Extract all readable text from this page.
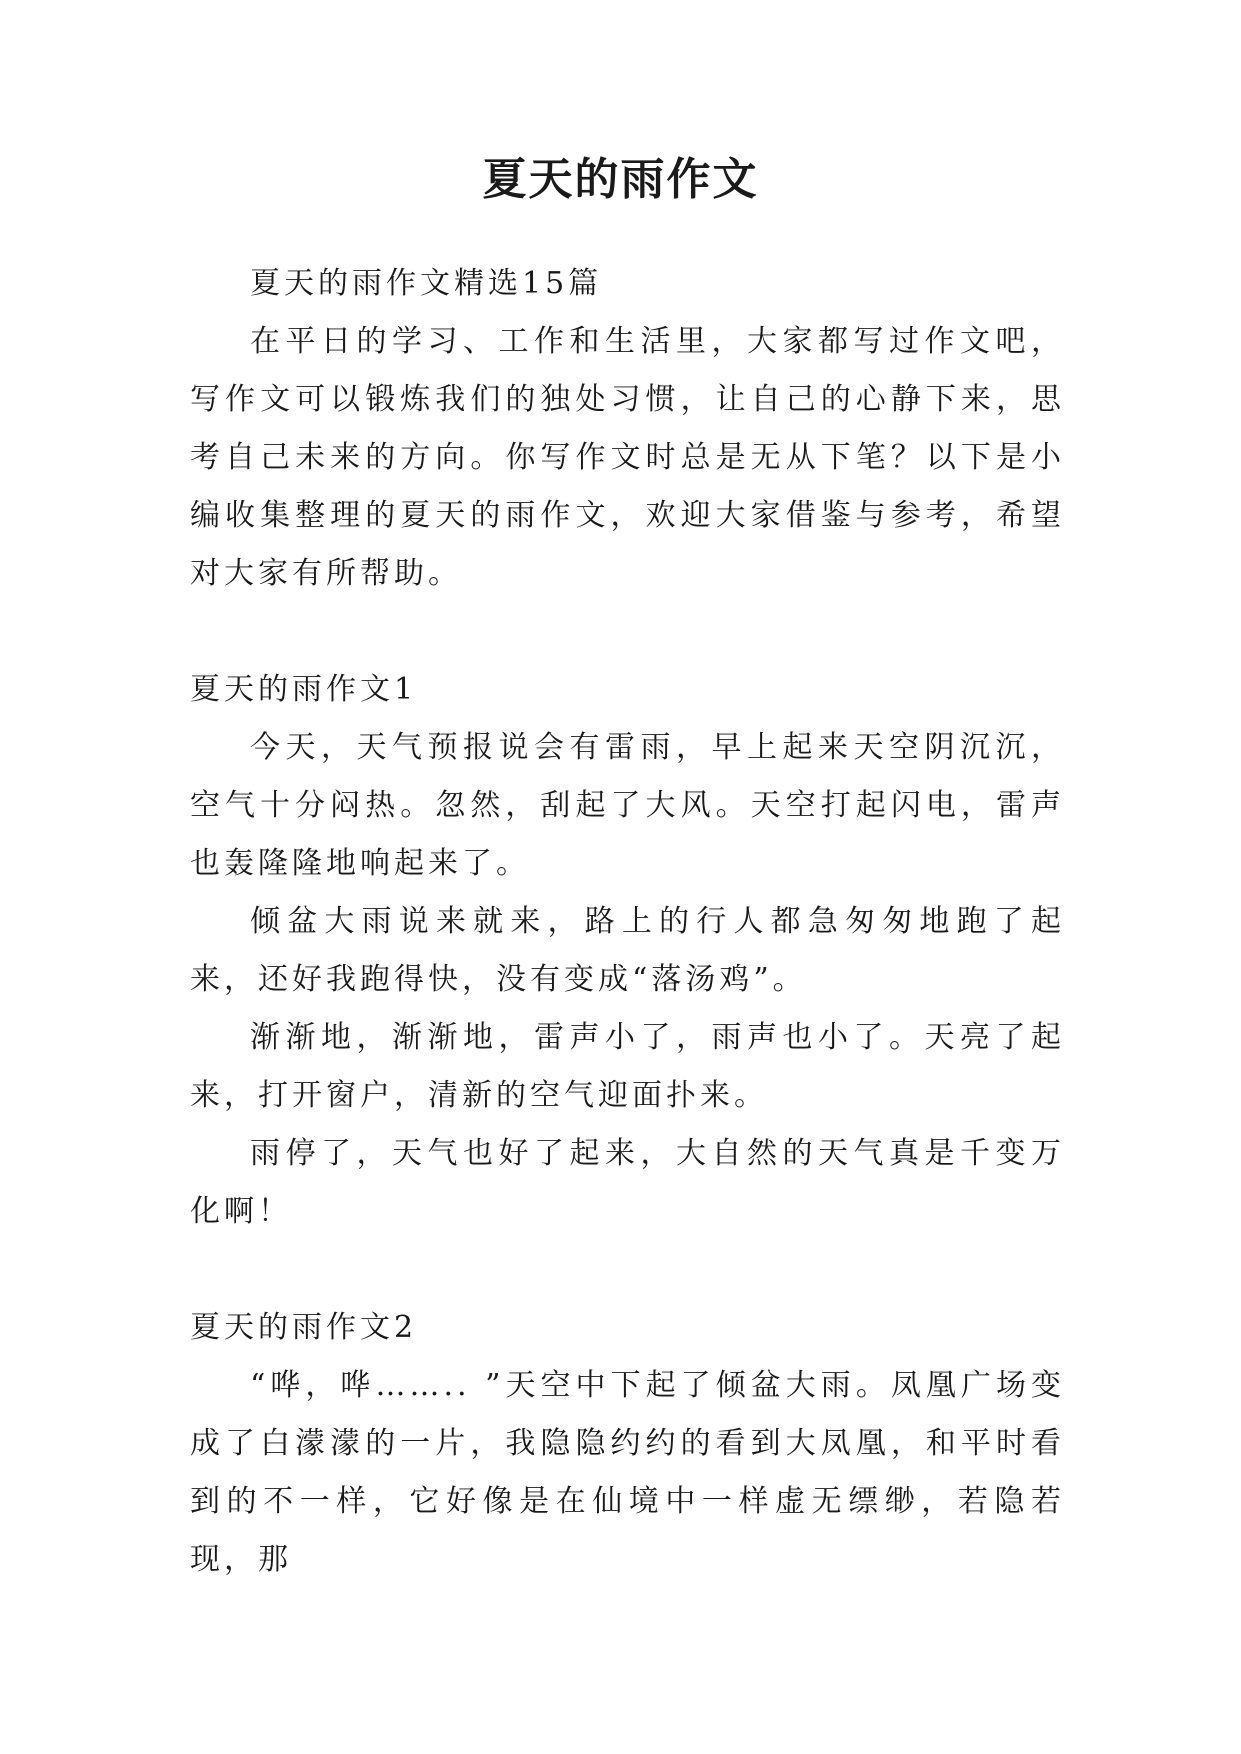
夏天的雨作文

夏天的雨作文精选15篇

在平日的学习、工作和生活里，大家都写过作文吧，写作文可以锻炼我们的独处习惯，让自己的心静下来，思考自己未来的方向。你写作文时总是无从下笔？以下是小编收集整理的夏天的雨作文，欢迎大家借鉴与参考，希望对大家有所帮助。

夏天的雨作文1

今天，天气预报说会有雷雨，早上起来天空阴沉沉，空气十分闷热。忽然，刮起了大风。天空打起闪电，雷声也轰隆隆地响起来了。

倾盆大雨说来就来，路上的行人都急匆匆地跑了起来，还好我跑得快，没有变成“落汤鸡”。

渐渐地，渐渐地，雷声小了，雨声也小了。天亮了起来，打开窗户，清新的空气迎面扑来。

雨停了，天气也好了起来，大自然的天气真是千变万化啊！

夏天的雨作文2

“哗，哗…….. ”天空中下起了倾盆大雨。凤凰广场变成了白濛濛的一片，我隐隐约约的看到大凤凰，和平时看到的不一样，它好像是在仙境中一样虚无缥缈，若隐若现，那
